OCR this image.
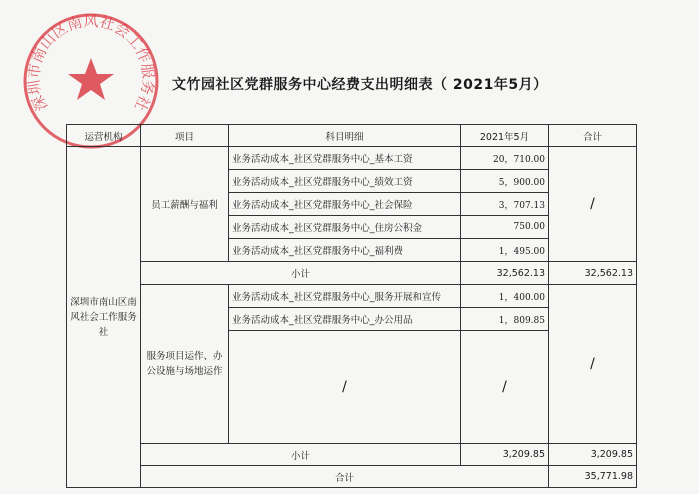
深圳市南山区南风社会工作服务社
文竹园社区党群服务中心经费支出明细表（ 2021年5月）
运营机构	项目	科目明细	2021年5月	合计
深圳市南山区南风社会工作服务社	员工薪酬与福利	业务活动成本_社区党群服务中心_基本工资	20，710.00	/
		业务活动成本_社区党群服务中心_绩效工资	5，900.00	
		业务活动成本_社区党群服务中心_社会保险	3，707.13	
		业务活动成本_社区党群服务中心_住房公积金	750.00	
		业务活动成本_社区党群服务中心_福利费	1，495.00	
	小计		32,562.13	32,562.13
	服务项目运作、办公设施与场地运作	业务活动成本_社区党群服务中心_服务开展和宣传	1，400.00	/
		业务活动成本_社区党群服务中心_办公用品	1，809.85	
		/	/	

	小计		3,209.85	3,209.85
	合计			35,771.98
